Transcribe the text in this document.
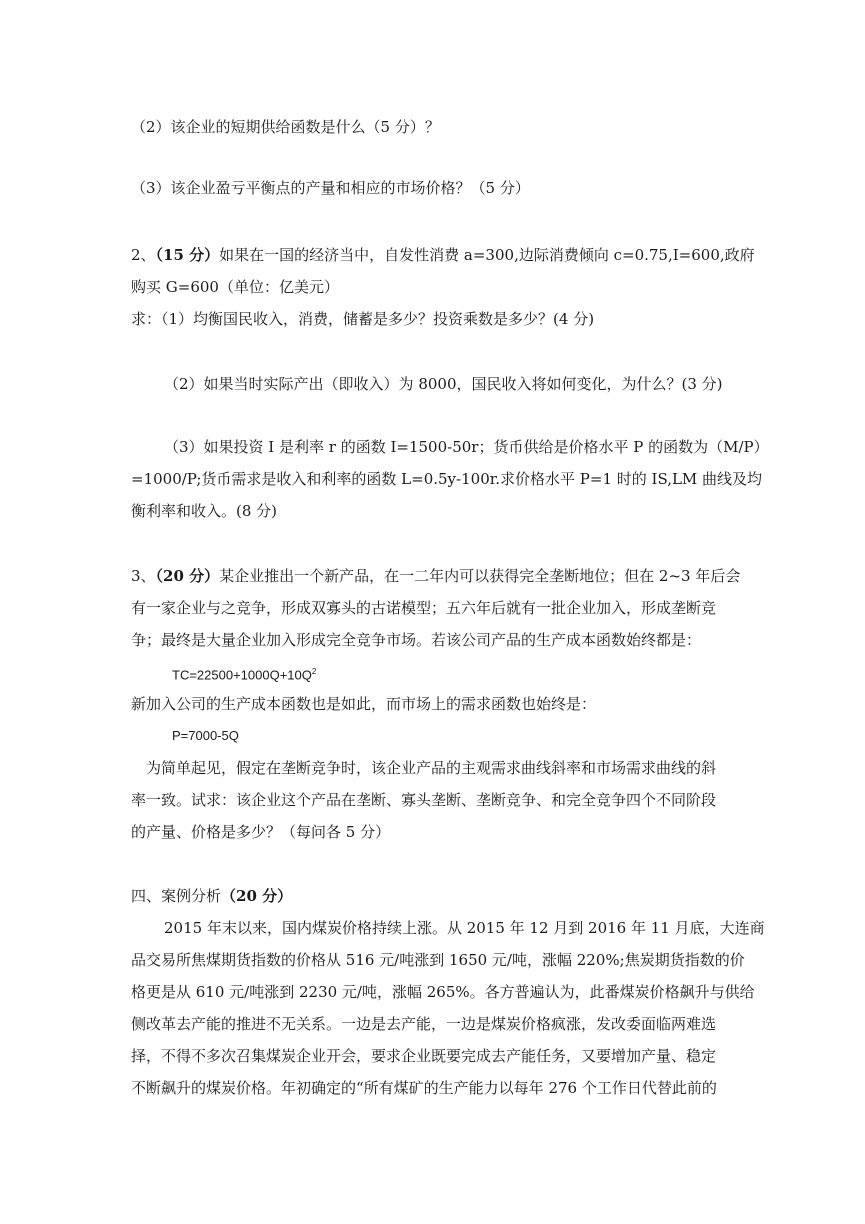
（2）该企业的短期供给函数是什么（5 分）？
（3）该企业盈亏平衡点的产量和相应的市场价格？（5 分）
2、（15 分）如果在一国的经济当中，自发性消费 a=300,边际消费倾向 c=0.75,I=600,政府
购买 G=600（单位：亿美元）
求：（1）均衡国民收入，消费，储蓄是多少？投资乘数是多少？(4 分)
（2）如果当时实际产出（即收入）为 8000，国民收入将如何变化，为什么？(3 分)
（3）如果投资 I 是利率 r 的函数 I=1500-50r；货币供给是价格水平 P 的函数为（M/P）
=1000/P;货币需求是收入和利率的函数 L=0.5y-100r.求价格水平 P=1 时的 IS,LM 曲线及均
衡利率和收入。(8 分)
3、（20 分）某企业推出一个新产品，在一二年内可以获得完全垄断地位；但在 2~3 年后会
有一家企业与之竞争，形成双寡头的古诺模型；五六年后就有一批企业加入，形成垄断竞
争；最终是大量企业加入形成完全竞争市场。若该公司产品的生产成本函数始终都是：
$TC=22500+1000Q+10Q^2$
新加入公司的生产成本函数也是如此，而市场上的需求函数也始终是：
P=7000-5Q
为简单起见，假定在垄断竞争时，该企业产品的主观需求曲线斜率和市场需求曲线的斜
率一致。试求：该企业这个产品在垄断、寡头垄断、垄断竞争、和完全竞争四个不同阶段
的产量、价格是多少？（每问各 5 分）
四、案例分析（20 分）
2015 年末以来，国内煤炭价格持续上涨。从 2015 年 12 月到 2016 年 11 月底，大连商
品交易所焦煤期货指数的价格从 516 元/吨涨到 1650 元/吨，涨幅 220%;焦炭期货指数的价
格更是从 610 元/吨涨到 2230 元/吨，涨幅 265%。各方普遍认为，此番煤炭价格飙升与供给
侧改革去产能的推进不无关系。一边是去产能，一边是煤炭价格疯涨，发改委面临两难选
择，不得不多次召集煤炭企业开会，要求企业既要完成去产能任务，又要增加产量、稳定
不断飙升的煤炭价格。年初确定的“所有煤矿的生产能力以每年 276 个工作日代替此前的
